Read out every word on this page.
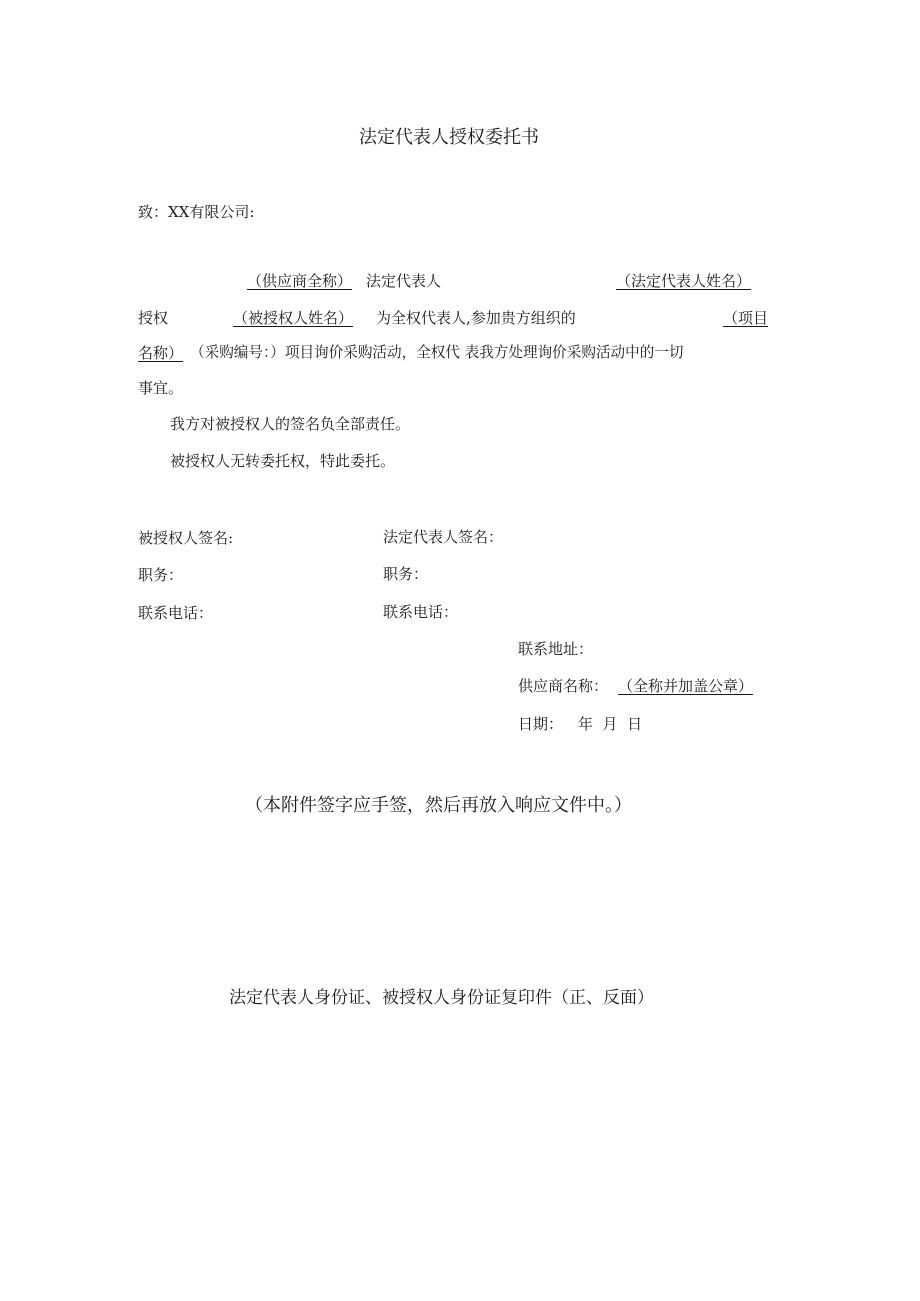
法定代表人授权委托书
致：XX有限公司:
（供应商全称） 法定代表人	（法定代表人姓名）
授权	（被授权人姓名） 为全权代表人,参加贵方组织的	（项目
名称） （采购编号：）项目询价采购活动，全权代 表我方处理询价采购活动中的一切
事宜。
我方对被授权人的签名负全部责任。
被授权人无转委托权，特此委托。
被授权人签名:	法定代表人签名：
职务：	职务：
联系电话：	联系电话：
联系地址：
供应商名称： （全称并加盖公章）
日期： 年  月  日
（本附件签字应手签，然后再放入响应文件中。）
法定代表人身份证、被授权人身份证复印件（正、反面）
